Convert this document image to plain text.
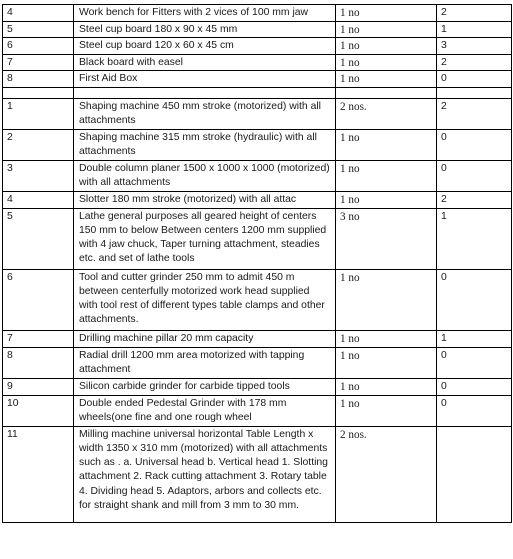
4	Work bench for Fitters with 2 vices of 100 mm jaw	1 no	2
5	Steel cup board 180 x 90 x 45 mm	1 no	1
6	Steel cup board 120 x 60 x 45 cm	1 no	3
7	Black board with easel	1 no	2
8	First Aid Box	1 no	0

1	Shaping machine 450 mm stroke (motorized) with all attachments	2 nos.	2
2	Shaping machine 315 mm stroke (hydraulic) with all attachments	1 no	0
3	Double column planer 1500 x 1000 x 1000 (motorized) with all attachments	1 no	0
4	Slotter 180 mm stroke (motorized) with all attac	1 no	2
5	Lathe general purposes all geared height of centers 150 mm to below Between centers 1200 mm supplied with 4 jaw chuck, Taper turning attachment, steadies etc. and set of lathe tools	3 no	1
6	Tool and cutter grinder 250 mm to admit 450 m between centerfully motorized work head supplied with tool rest of different types table clamps and other attachments.	1 no	0
7	Drilling machine pillar 20 mm capacity	1 no	1
8	Radial drill 1200 mm area motorized with tapping attachment	1 no	0
9	Silicon carbide grinder for carbide tipped tools	1 no	0
10	Double ended Pedestal Grinder with 178 mm wheels(one fine and one rough wheel	1 no	0
11	Milling machine universal horizontal Table Length x width 1350 x 310 mm (motorized) with all attachments such as . a. Universal head b. Vertical head 1. Slotting attachment 2. Rack cutting attachment 3. Rotary table 4. Dividing head 5. Adaptors, arbors and collects etc. for straight shank and mill from 3 mm to 30 mm.	2 nos.	
